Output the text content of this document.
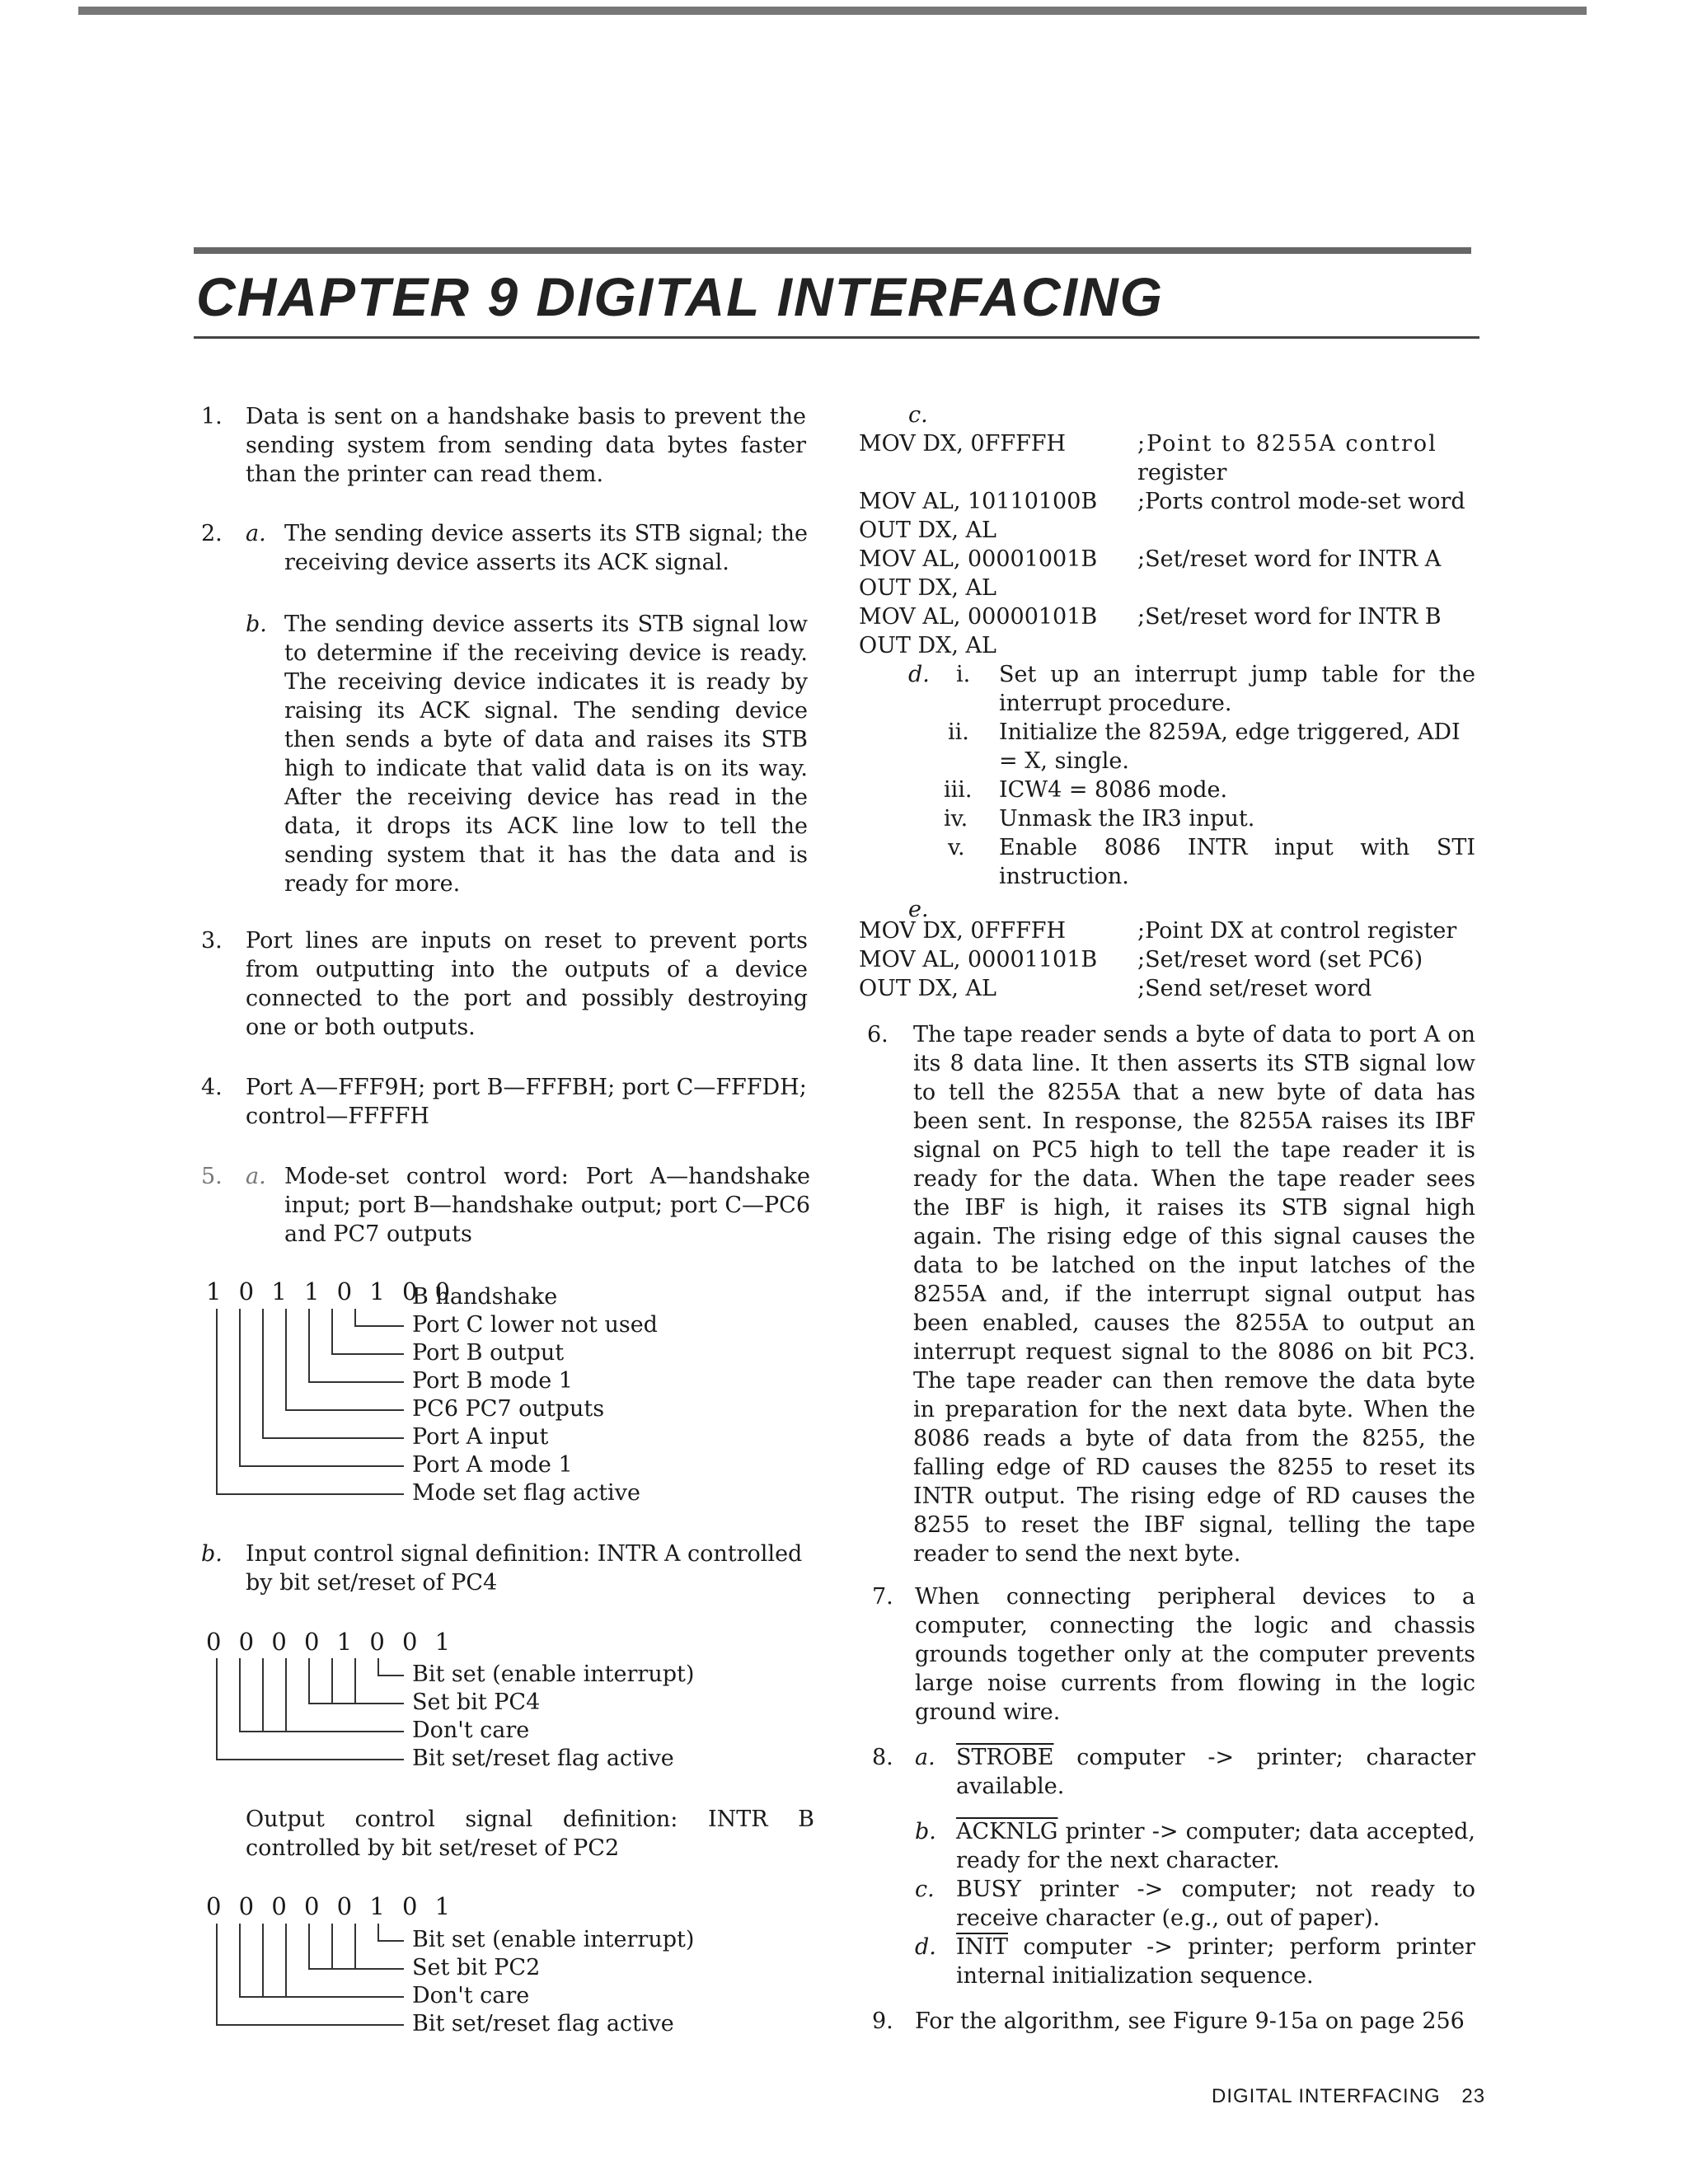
CHAPTER 9 DIGITAL INTERFACING
1. Data is sent on a handshake basis to prevent the sending system from sending data bytes faster than the printer can read them.
2. a. The sending device asserts its STB signal; the receiving device asserts its ACK signal.
b. The sending device asserts its STB signal low to determine if the receiving device is ready. The receiving device indicates it is ready by raising its ACK signal. The sending device then sends a byte of data and raises its STB high to indicate that valid data is on its way. After the receiving device has read in the data, it drops its ACK line low to tell the sending system that it has the data and is ready for more.
3. Port lines are inputs on reset to prevent ports from outputting into the outputs of a device connected to the port and possibly destroying one or both outputs.
4. Port A—FFF9H; port B—FFFBH; port C—FFFDH; control—FFFFH
5. a. Mode-set control word: Port A—handshake input; port B—handshake output; port C—PC6 and PC7 outputs
1 0 1 1 0 1 0 0
B handshake
Port C lower not used
Port B output
Port B mode 1
PC6 PC7 outputs
Port A input
Port A mode 1
Mode set flag active
b. Input control signal definition: INTR A controlled by bit set/reset of PC4
0 0 0 0 1 0 0 1
Bit set (enable interrupt)
Set bit PC4
Don't care
Bit set/reset flag active
Output control signal definition: INTR B controlled by bit set/reset of PC2
0 0 0 0 0 1 0 1
Bit set (enable interrupt)
Set bit PC2
Don't care
Bit set/reset flag active
c.
MOV DX, 0FFFFH	;Point to 8255A control
register
MOV AL, 10110100B ;Ports control mode-set word
OUT DX, AL
MOV AL, 00001001B ;Set/reset word for INTR A
OUT DX, AL
MOV AL, 00000101B ;Set/reset word for INTR B
OUT DX, AL
d. i. Set up an interrupt jump table for the interrupt procedure.
ii. Initialize the 8259A, edge triggered, ADI = X, single.
iii. ICW4 = 8086 mode.
iv. Unmask the IR3 input.
v. Enable 8086 INTR input with STI instruction.
e.
MOV DX, 0FFFFH	;Point DX at control register
MOV AL, 00001101B ;Set/reset word (set PC6)
OUT DX, AL	;Send set/reset word
6. The tape reader sends a byte of data to port A on its 8 data line. It then asserts its STB signal low to tell the 8255A that a new byte of data has been sent. In response, the 8255A raises its IBF signal on PC5 high to tell the tape reader it is ready for the data. When the tape reader sees the IBF is high, it raises its STB signal high again. The rising edge of this signal causes the data to be latched on the input latches of the 8255A and, if the interrupt signal output has been enabled, causes the 8255A to output an interrupt request signal to the 8086 on bit PC3. The tape reader can then remove the data byte in preparation for the next data byte. When the 8086 reads a byte of data from the 8255, the falling edge of RD causes the 8255 to reset its INTR output. The rising edge of RD causes the 8255 to reset the IBF signal, telling the tape reader to send the next byte.
7. When connecting peripheral devices to a computer, connecting the logic and chassis grounds together only at the computer prevents large noise currents from flowing in the logic ground wire.
8. a. STROBE computer -> printer; character available.
b. ACKNLG printer -> computer; data accepted, ready for the next character.
c. BUSY printer -> computer; not ready to receive character (e.g., out of paper).
d. INIT computer -> printer; perform printer internal initialization sequence.
9. For the algorithm, see Figure 9-15a on page 256
DIGITAL INTERFACING 23
